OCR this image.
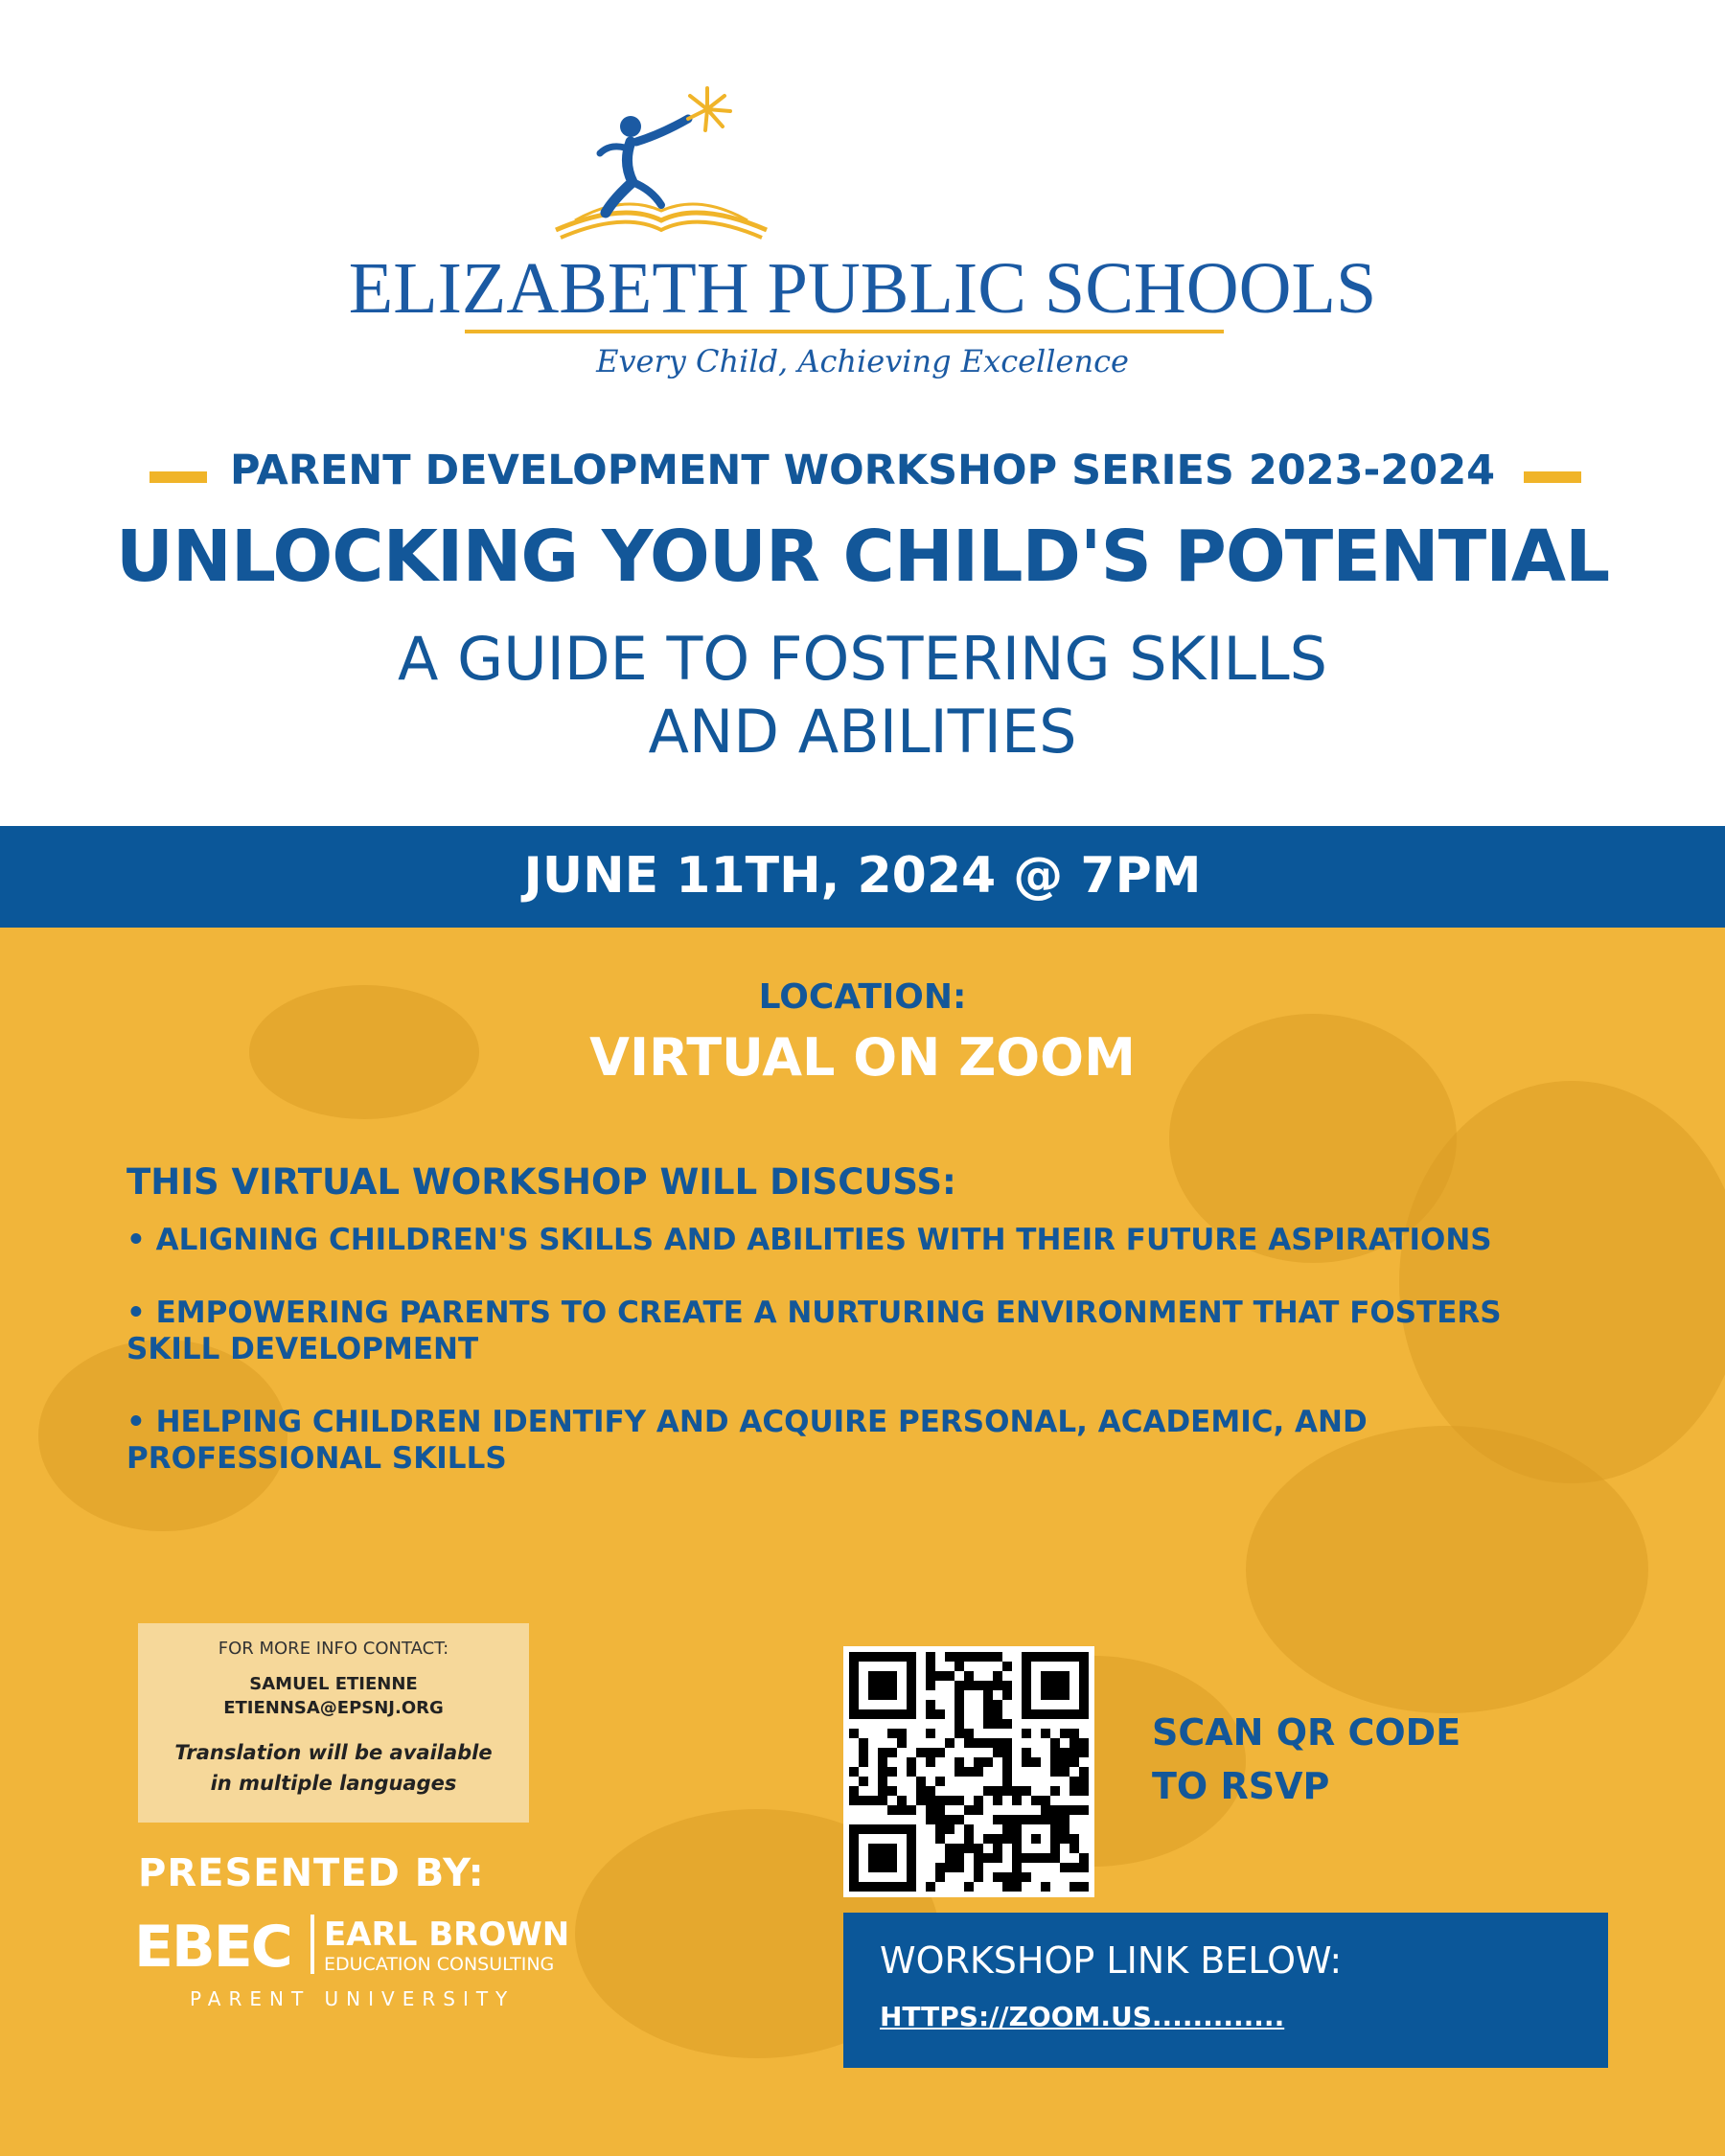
ELIZABETH PUBLIC SCHOOLS
Every Child, Achieving Excellence
PARENT DEVELOPMENT WORKSHOP SERIES 2023-2024
UNLOCKING YOUR CHILD'S POTENTIAL
A GUIDE TO FOSTERING SKILLS
AND ABILITIES
JUNE 11TH, 2024 @ 7PM
LOCATION:
VIRTUAL ON ZOOM
THIS VIRTUAL WORKSHOP WILL DISCUSS:
• ALIGNING CHILDREN'S SKILLS AND ABILITIES WITH THEIR FUTURE ASPIRATIONS
• EMPOWERING PARENTS TO CREATE A NURTURING ENVIRONMENT THAT FOSTERS SKILL DEVELOPMENT
• HELPING CHILDREN IDENTIFY AND ACQUIRE PERSONAL, ACADEMIC, AND PROFESSIONAL SKILLS
FOR MORE INFO CONTACT:
SAMUEL ETIENNE
ETIENNSA@EPSNJ.ORG
Translation will be available
in multiple languages
PRESENTED BY:
EBEC EARL BROWN
EDUCATION CONSULTING
PARENT UNIVERSITY
SCAN QR CODE
TO RSVP
WORKSHOP LINK BELOW:
HTTPS://ZOOM.US.............
